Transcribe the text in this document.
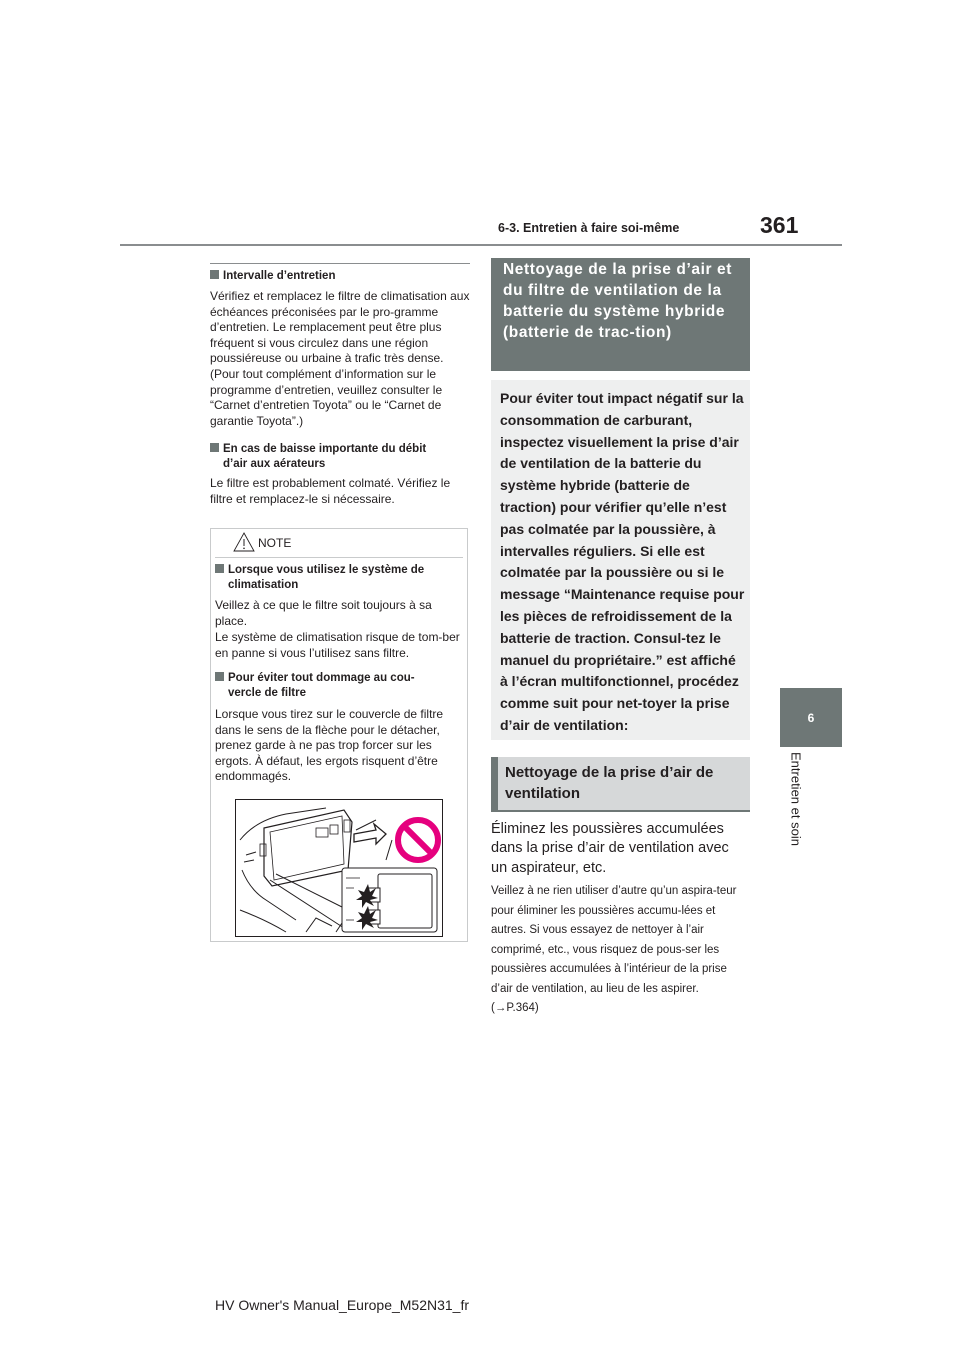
6-3. Entretien à faire soi-même	361
6
Entretien et soin
Intervalle d’entretien
Vérifiez et remplacez le filtre de climatisation aux échéances préconisées par le pro-gramme d’entretien. Le remplacement peut être plus fréquent si vous circulez dans une région poussiéreuse ou urbaine à trafic très dense. (Pour tout complément d’information sur le programme d’entretien, veuillez consulter le “Carnet d’entretien Toyota” ou le “Carnet de garantie Toyota”.)
En cas de baisse importante du débit
d’air aux aérateurs
Le filtre est probablement colmaté. Vérifiez le filtre et remplacez-le si nécessaire.
NOTE
Lorsque vous utilisez le système de
climatisation
Veillez à ce que le filtre soit toujours à sa place.
Le système de climatisation risque de tom-ber en panne si vous l’utilisez sans filtre.
Pour éviter tout dommage au cou-
vercle de filtre
Lorsque vous tirez sur le couvercle de filtre dans le sens de la flèche pour le détacher, prenez garde à ne pas trop forcer sur les ergots. À défaut, les ergots risquent d’être endommagés.
Nettoyage de la prise d’air et du filtre de ventilation de la batterie du système hybride (batterie de trac-tion)
Pour éviter tout impact négatif sur la consommation de carburant, inspectez visuellement la prise d’air de ventilation de la batterie du système hybride (batterie de traction) pour vérifier qu’elle n’est pas colmatée par la poussière, à intervalles réguliers. Si elle est colmatée par la poussière ou si le message “Maintenance requise pour les pièces de refroidissement de la batterie de traction. Consul-tez le manuel du propriétaire.” est affiché à l’écran multifonctionnel, procédez comme suit pour net-toyer la prise d’air de ventilation:
Nettoyage de la prise d’air de ventilation
Éliminez les poussières accumulées dans la prise d’air de ventilation avec un aspirateur, etc.
Veillez à ne rien utiliser d’autre qu’un aspira-teur pour éliminer les poussières accumu-lées et autres. Si vous essayez de nettoyer à l’air comprimé, etc., vous risquez de pous-ser les poussières accumulées à l’intérieur de la prise d’air de ventilation, au lieu de les aspirer. (→P.364)
HV Owner's Manual_Europe_M52N31_fr
